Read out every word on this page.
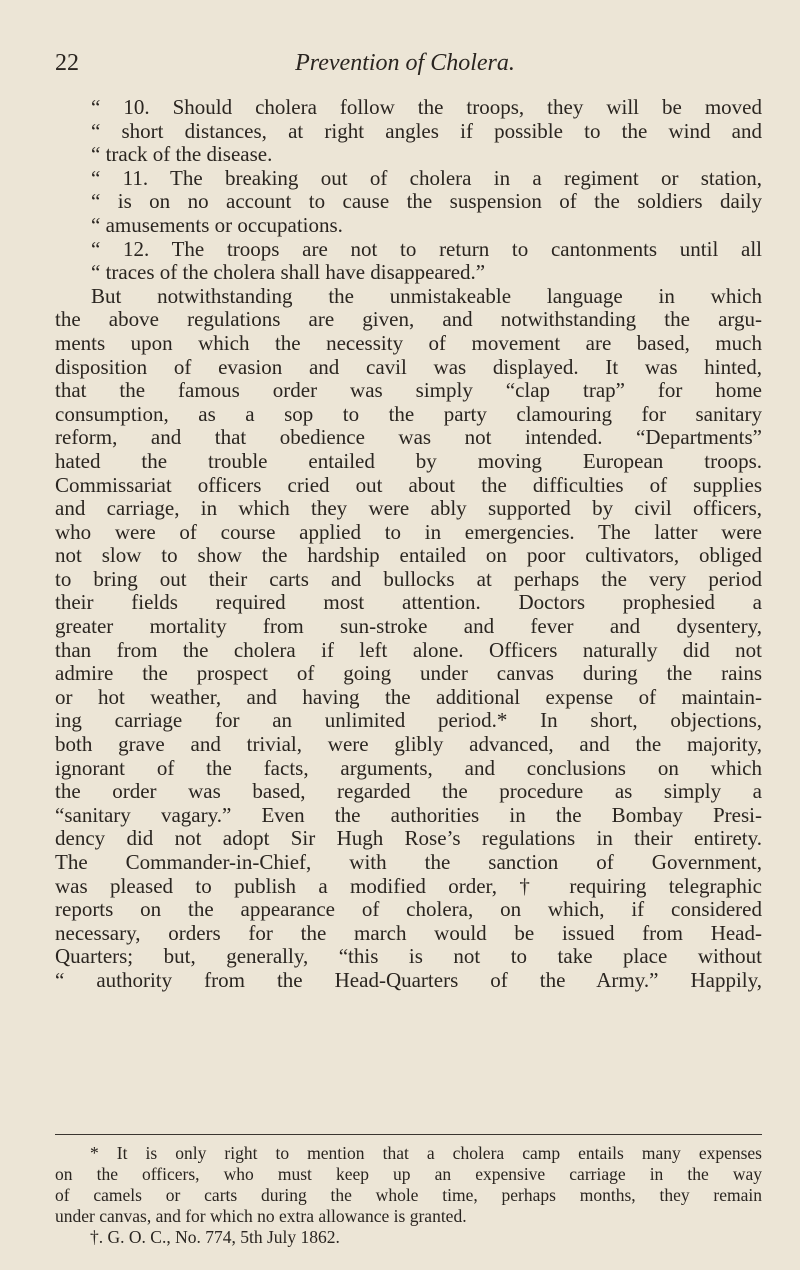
22	Prevention of Cholera.
“ 10. Should cholera follow the troops, they will be moved
“ short distances, at right angles if possible to the wind and
“ track of the disease.
“ 11. The breaking out of cholera in a regiment or station,
“ is on no account to cause the suspension of the soldiers daily
“ amusements or occupations.
“ 12. The troops are not to return to cantonments until all
“ traces of the cholera shall have disappeared.”
But notwithstanding the unmistakeable language in which
the above regulations are given, and notwithstanding the argu-
ments upon which the necessity of movement are based, much
disposition of evasion and cavil was displayed. It was hinted,
that the famous order was simply “clap trap” for home
consumption, as a sop to the party clamouring for sanitary
reform, and that obedience was not intended. “Departments”
hated the trouble entailed by moving European troops.
Commissariat officers cried out about the difficulties of supplies
and carriage, in which they were ably supported by civil officers,
who were of course applied to in emergencies. The latter were
not slow to show the hardship entailed on poor cultivators, obliged
to bring out their carts and bullocks at perhaps the very period
their fields required most attention. Doctors prophesied a
greater mortality from sun-stroke and fever and dysentery,
than from the cholera if left alone. Officers naturally did not
admire the prospect of going under canvas during the rains
or hot weather, and having the additional expense of maintain-
ing carriage for an unlimited period.* In short, objections,
both grave and trivial, were glibly advanced, and the majority,
ignorant of the facts, arguments, and conclusions on which
the order was based, regarded the procedure as simply a
“sanitary vagary.” Even the authorities in the Bombay Presi-
dency did not adopt Sir Hugh Rose’s regulations in their entirety.
The Commander-in-Chief, with the sanction of Government,
was pleased to publish a modified order, † requiring telegraphic
reports on the appearance of cholera, on which, if considered
necessary, orders for the march would be issued from Head-
Quarters; but, generally, “this is not to take place without
“ authority from the Head-Quarters of the Army.” Happily,
* It is only right to mention that a cholera camp entails many expenses
on the officers, who must keep up an expensive carriage in the way
of camels or carts during the whole time, perhaps months, they remain
under canvas, and for which no extra allowance is granted.
†. G. O. C., No. 774, 5th July 1862.
